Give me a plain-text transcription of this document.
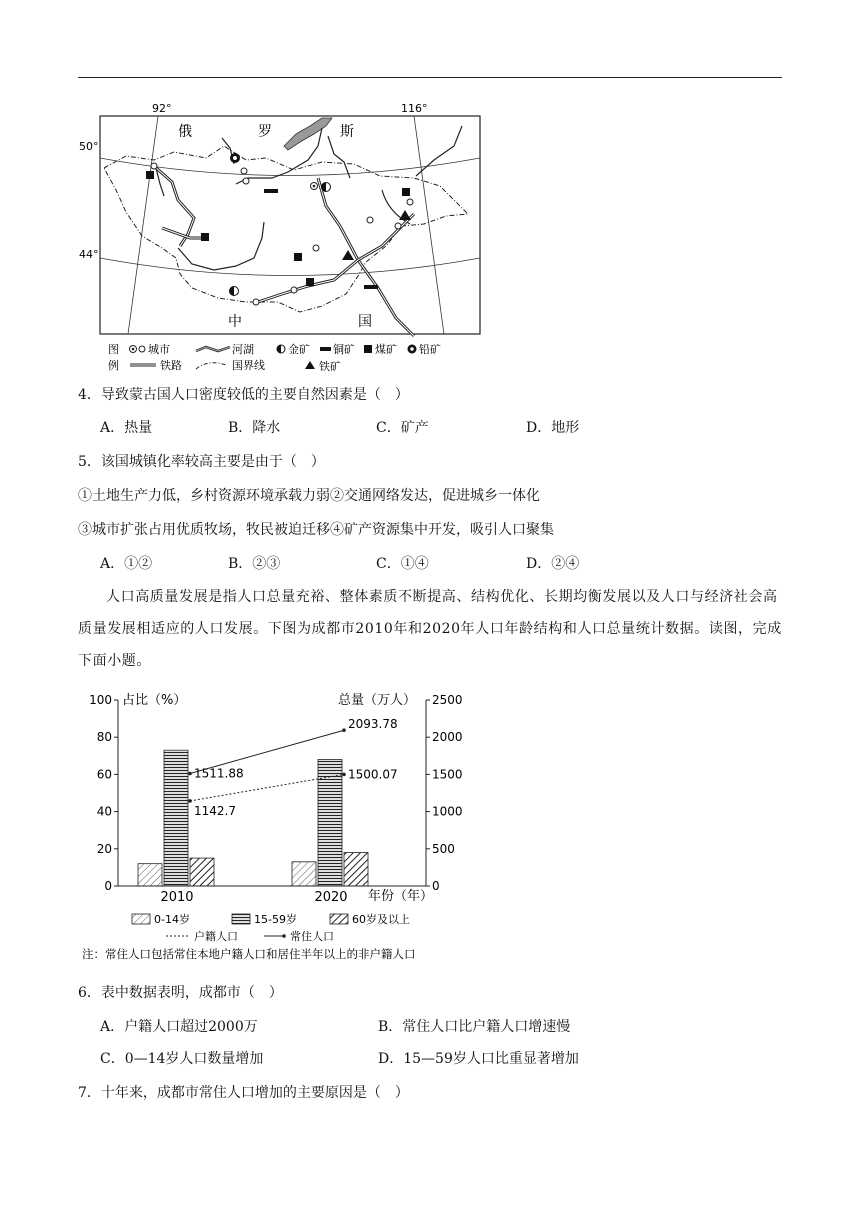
92°	116°
50°
44°
俄	罗	斯
中	国
图
例
城市	河湖	金矿 铜矿 煤矿 铅矿
铁路	国界线	铁矿
4．导致蒙古国人口密度较低的主要自然因素是（　）
A．热量	B．降水	C．矿产	D．地形
5．该国城镇化率较高主要是由于（　）
①土地生产力低，乡村资源环境承载力弱②交通网络发达，促进城乡一体化
③城市扩张占用优质牧场，牧民被迫迁移④矿产资源集中开发，吸引人口聚集
A．①②	B．②③	C．①④	D．②④
人口高质量发展是指人口总量充裕、整体素质不断提高、结构优化、长期均衡发展以及人口与经济社会高质量发展相适应的人口发展。下图为成都市2010年和2020年人口年龄结构和人口总量统计数据。读图，完成下面小题。
0
20
40
60
80
100
0
500
1000
1500
2000
2500
占比（%）	总量（万人）
年份（年）
2010	2020
1142.7
1500.07
1511.88
2093.78
0-14岁	15-59岁	60岁及以上
户籍人口	常住人口
注：常住人口包括常住本地户籍人口和居住半年以上的非户籍人口
6．表中数据表明，成都市（　）
A．户籍人口超过2000万	B．常住人口比户籍人口增速慢
C．0—14岁人口数量增加	D．15—59岁人口比重显著增加
7．十年来，成都市常住人口增加的主要原因是（　）
